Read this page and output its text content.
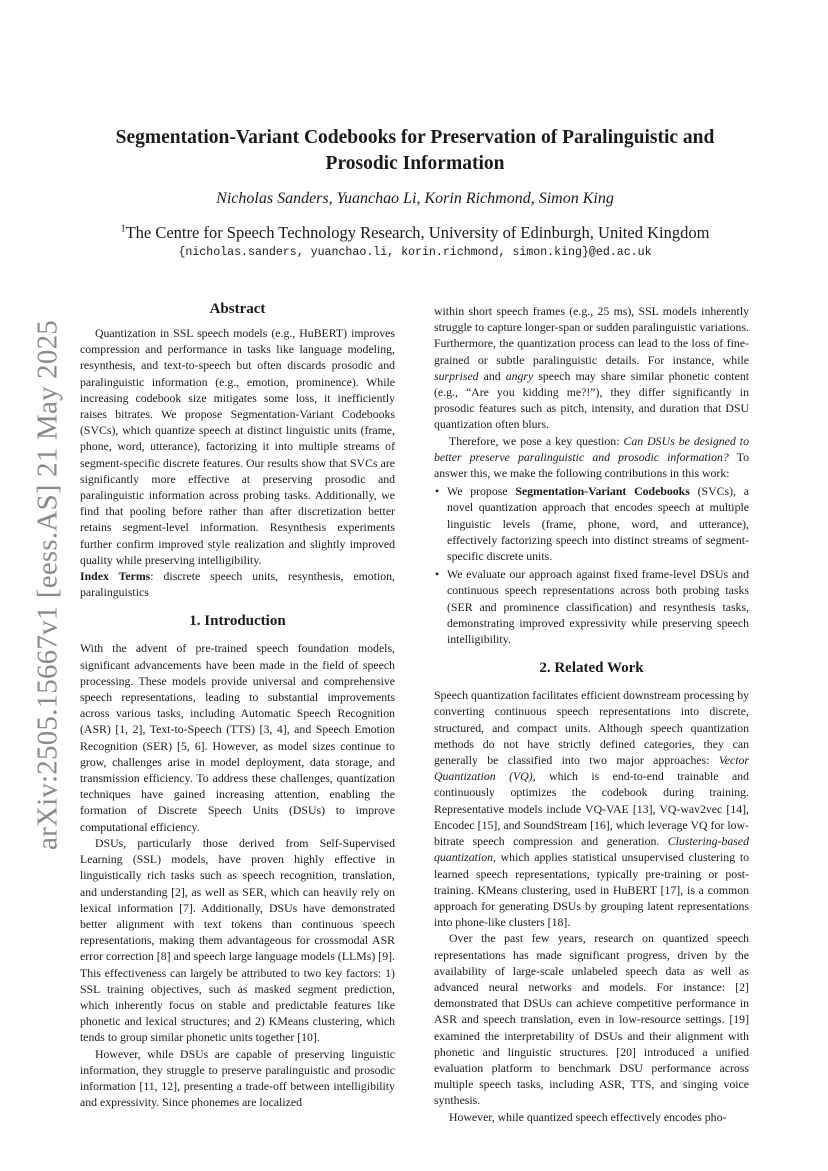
arXiv:2505.15667v1 [eess.AS] 21 May 2025
Segmentation-Variant Codebooks for Preservation of Paralinguistic and
Prosodic Information
Nicholas Sanders, Yuanchao Li, Korin Richmond, Simon King
$^1$The Centre for Speech Technology Research, University of Edinburgh, United Kingdom
{nicholas.sanders, yuanchao.li, korin.richmond, simon.king}@ed.ac.uk
Abstract

Quantization in SSL speech models (e.g., HuBERT) improves compression and performance in tasks like language modeling, resynthesis, and text-to-speech but often discards prosodic and paralinguistic information (e.g., emotion, prominence). While increasing codebook size mitigates some loss, it inefficiently raises bitrates. We propose Segmentation-Variant Codebooks (SVCs), which quantize speech at distinct linguistic units (frame, phone, word, utterance), factorizing it into multiple streams of segment-specific discrete features. Our results show that SVCs are significantly more effective at preserving prosodic and paralinguistic information across probing tasks. Additionally, we find that pooling before rather than after discretization better retains segment-level information. Resynthesis experiments further confirm improved style realization and slightly improved quality while preserving intelligibility.

Index Terms: discrete speech units, resynthesis, emotion, paralinguistics

1. Introduction

With the advent of pre-trained speech foundation models, significant advancements have been made in the field of speech processing. These models provide universal and comprehensive speech representations, leading to substantial improvements across various tasks, including Automatic Speech Recognition (ASR) [1, 2], Text-to-Speech (TTS) [3, 4], and Speech Emotion Recognition (SER) [5, 6]. However, as model sizes continue to grow, challenges arise in model deployment, data storage, and transmission efficiency. To address these challenges, quantization techniques have gained increasing attention, enabling the formation of Discrete Speech Units (DSUs) to improve computational efficiency.

DSUs, particularly those derived from Self-Supervised Learning (SSL) models, have proven highly effective in linguistically rich tasks such as speech recognition, translation, and understanding [2], as well as SER, which can heavily rely on lexical information [7]. Additionally, DSUs have demonstrated better alignment with text tokens than continuous speech representations, making them advantageous for crossmodal ASR error correction [8] and speech large language models (LLMs) [9]. This effectiveness can largely be attributed to two key factors: 1) SSL training objectives, such as masked segment prediction, which inherently focus on stable and predictable features like phonetic and lexical structures; and 2) KMeans clustering, which tends to group similar phonetic units together [10].

However, while DSUs are capable of preserving linguistic information, they struggle to preserve paralinguistic and prosodic information [11, 12], presenting a trade-off between intelligibility and expressivity. Since phonemes are localized

within short speech frames (e.g., 25 ms), SSL models inherently struggle to capture longer-span or sudden paralinguistic variations. Furthermore, the quantization process can lead to the loss of fine-grained or subtle paralinguistic details. For instance, while surprised and angry speech may share similar phonetic content (e.g., “Are you kidding me?!”), they differ significantly in prosodic features such as pitch, intensity, and duration that DSU quantization often blurs.

Therefore, we pose a key question: Can DSUs be designed to better preserve paralinguistic and prosodic information? To answer this, we make the following contributions in this work:

• We propose Segmentation-Variant Codebooks (SVCs), a novel quantization approach that encodes speech at multiple linguistic levels (frame, phone, word, and utterance), effectively factorizing speech into distinct streams of segment-specific discrete units.
• We evaluate our approach against fixed frame-level DSUs and continuous speech representations across both probing tasks (SER and prominence classification) and resynthesis tasks, demonstrating improved expressivity while preserving speech intelligibility.
2. Related Work

Speech quantization facilitates efficient downstream processing by converting continuous speech representations into discrete, structured, and compact units. Although speech quantization methods do not have strictly defined categories, they can generally be classified into two major approaches: Vector Quantization (VQ), which is end-to-end trainable and continuously optimizes the codebook during training. Representative models include VQ-VAE [13], VQ-wav2vec [14], Encodec [15], and SoundStream [16], which leverage VQ for low-bitrate speech compression and generation. Clustering-based quantization, which applies statistical unsupervised clustering to learned speech representations, typically pre-training or post-training. KMeans clustering, used in HuBERT [17], is a common approach for generating DSUs by grouping latent representations into phone-like clusters [18].

Over the past few years, research on quantized speech representations has made significant progress, driven by the availability of large-scale unlabeled speech data as well as advanced neural networks and models. For instance: [2] demonstrated that DSUs can achieve competitive performance in ASR and speech translation, even in low-resource settings. [19] examined the interpretability of DSUs and their alignment with phonetic and linguistic structures. [20] introduced a unified evaluation platform to benchmark DSU performance across multiple speech tasks, including ASR, TTS, and singing voice synthesis.

However, while quantized speech effectively encodes pho-
